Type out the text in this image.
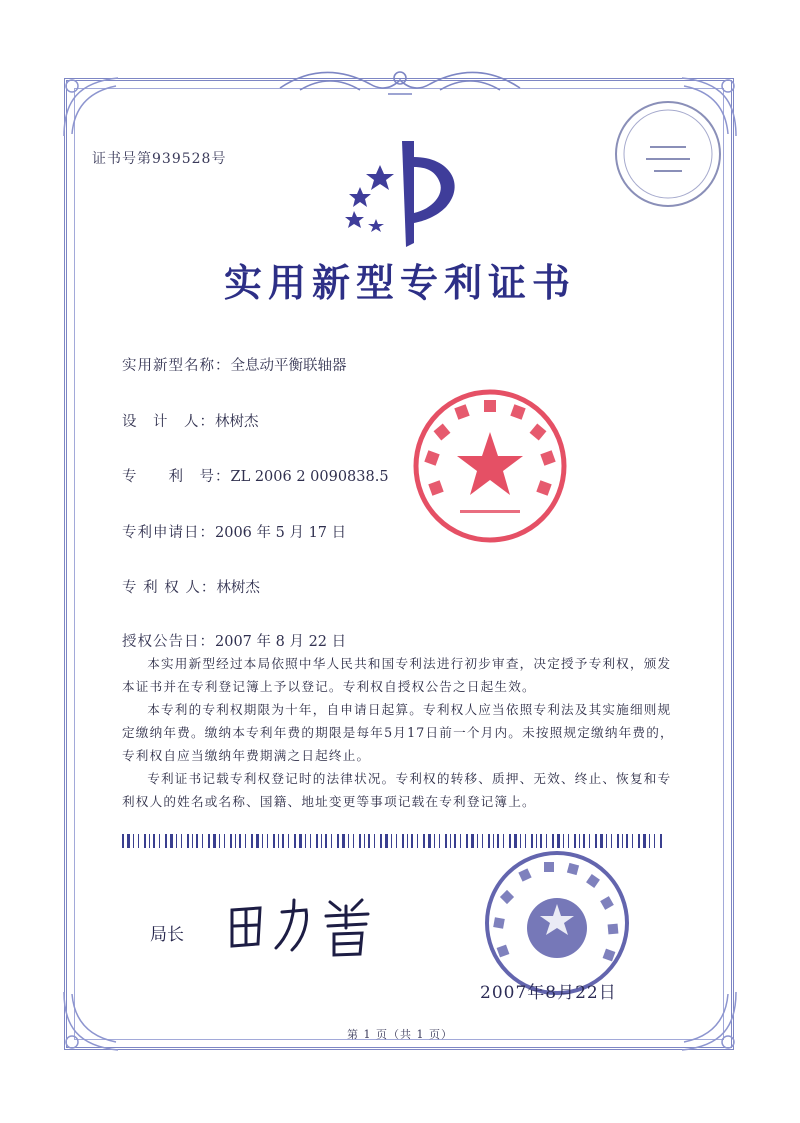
证书号第939528号
实用新型专利证书
实用新型名称：全息动平衡联轴器
设　计　人：林树杰
专　　利　号：ZL 2006 2 0090838.5
专利申请日：2006 年 5 月 17 日
专 利 权 人：林树杰
授权公告日：2007 年 8 月 22 日

本实用新型经过本局依照中华人民共和国专利法进行初步审查，决定授予专利权，颁发本证书并在专利登记簿上予以登记。专利权自授权公告之日起生效。

本专利的专利权期限为十年，自申请日起算。专利权人应当依照专利法及其实施细则规定缴纳年费。缴纳本专利年费的期限是每年5月17日前一个月内。未按照规定缴纳年费的，专利权自应当缴纳年费期满之日起终止。

专利证书记载专利权登记时的法律状况。专利权的转移、质押、无效、终止、恢复和专利权人的姓名或名称、国籍、地址变更等事项记载在专利登记簿上。

局长
2007年8月22日
第 1 页（共 1 页）
